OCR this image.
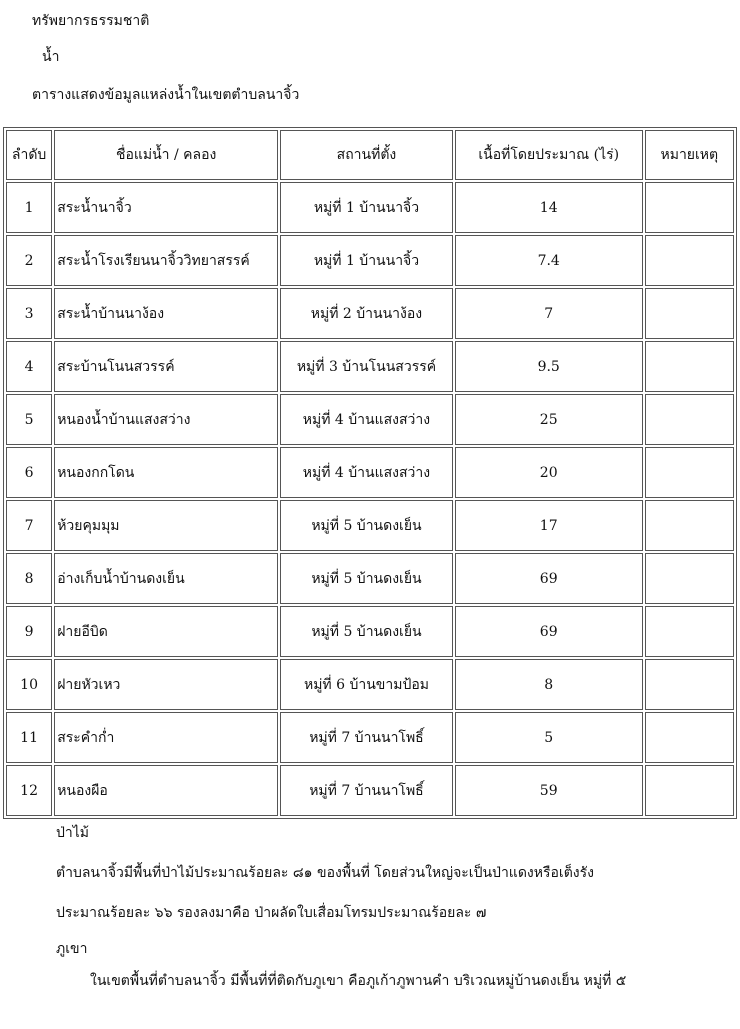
ทรัพยากรธรรมชาติ
น้ำ
ตารางแสดงข้อมูลแหล่งน้ำในเขตตำบลนาจิ้ว
ลำดับ	ชื่อแม่น้ำ / คลอง	สถานที่ตั้ง	เนื้อที่โดยประมาณ (ไร่)	หมายเหตุ
1	สระน้ำนาจิ้ว	หมู่ที่ 1 บ้านนาจิ้ว	14	
2	สระน้ำโรงเรียนนาจิ้ววิทยาสรรค์	หมู่ที่ 1 บ้านนาจิ้ว	7.4	
3	สระน้ำบ้านนาง้อง	หมู่ที่ 2 บ้านนาง้อง	7	
4	สระบ้านโนนสวรรค์	หมู่ที่ 3 บ้านโนนสวรรค์	9.5	
5	หนองน้ำบ้านแสงสว่าง	หมู่ที่ 4 บ้านแสงสว่าง	25	
6	หนองกกโดน	หมู่ที่ 4 บ้านแสงสว่าง	20	
7	ห้วยคุมมุม	หมู่ที่ 5 บ้านดงเย็น	17	
8	อ่างเก็บน้ำบ้านดงเย็น	หมู่ที่ 5 บ้านดงเย็น	69	
9	ฝายอีบิด	หมู่ที่ 5 บ้านดงเย็น	69	
10	ฝายหัวเหว	หมู่ที่ 6 บ้านขามป้อม	8	
11	สระคำก่ำ	หมู่ที่ 7 บ้านนาโพธิ์	5	
12	หนองผือ	หมู่ที่ 7 บ้านนาโพธิ์	59	
ป่าไม้
ตำบลนาจิ้วมีพื้นที่ป่าไม้ประมาณร้อยละ ๘๑ ของพื้นที่ โดยส่วนใหญ่จะเป็นป่าแดงหรือเต็งรัง
ประมาณร้อยละ ๖๖ รองลงมาคือ ป่าผลัดใบเสื่อมโทรมประมาณร้อยละ ๗
ภูเขา
ในเขตพื้นที่ตำบลนาจิ้ว มีพื้นที่ที่ติดกับภูเขา คือภูเก้าภูพานคำ บริเวณหมู่บ้านดงเย็น หมู่ที่ ๕
